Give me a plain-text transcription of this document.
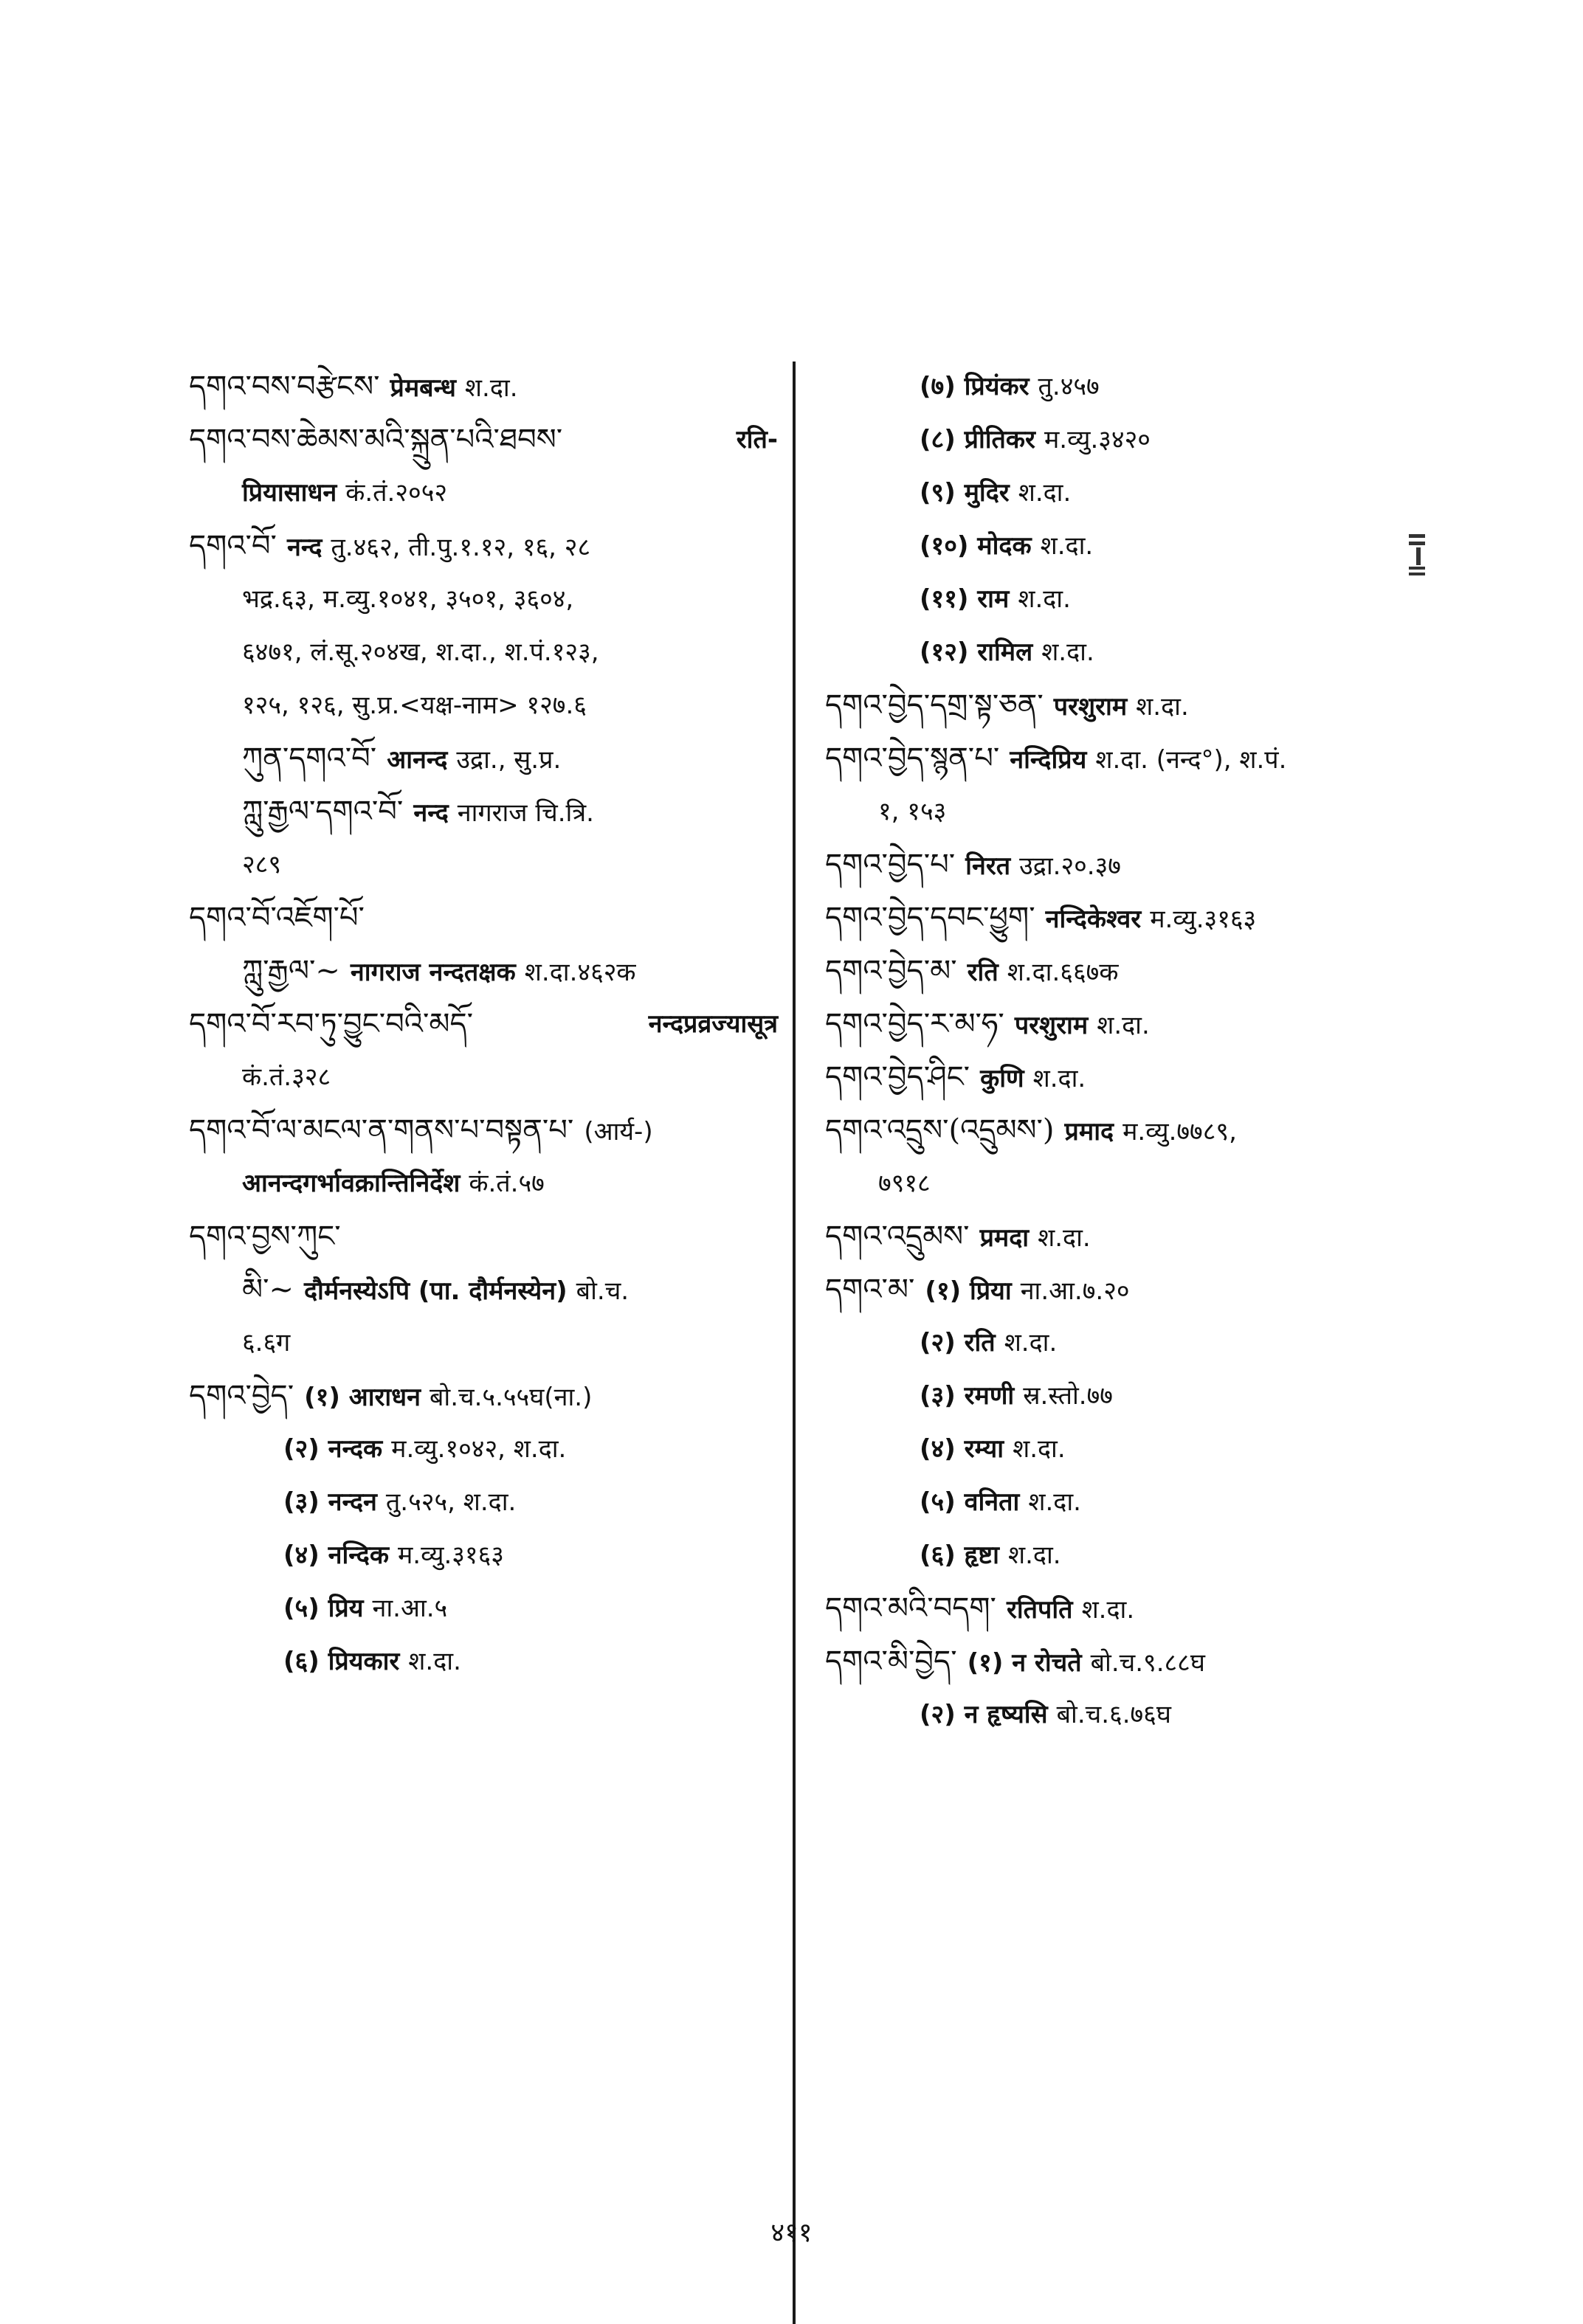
དགའ་བས་བརྩེངས་ प्रेमबन्ध श.दा.
དགའ་བས་ཆེམས་མའི་སྐྲུན་པའི་ཐབས་	रति-
प्रियासाधन कं.तं.२०५२
དགའ་བོ་ नन्द तु.४६२, ती.पु.१.१२, १६, २८
भद्र.६३, म.व्यु.१०४१, ३५०१, ३६०४,
६४७१, लं.सू.२०४ख, श.दा., श.पं.१२३,
१२५, १२६, सु.प्र.<यक्ष-नाम> १२७.६
ཀུན་དགའ་བོ་ आनन्द उद्रा., सु.प्र.
ཀླུ་རྒྱལ་དགའ་བོ་ नन्द नागराज चि.त्रि.
२८९
དགའ་བོ་འཇོག་པོ་
ཀླུ་རྒྱལ་~ नागराज नन्दतक्षक श.दा.४६२क
དགའ་བོ་རབ་ཏུ་བྱུང་བའི་མདོ་	नन्दप्रव्रज्यासूत्र
कं.तं.३२८
དགའ་བོ་ལ་མངལ་ན་གནས་པ་བསྟན་པ་ (आर्य-)
आनन्दगर्भावक्रान्तिनिर्देश कं.तं.५७
དགའ་བྱས་ཀུང་
མི་~ दौर्मनस्येऽपि (पा. दौर्मनस्येन) बो.च.
६.६ग
དགའ་བྱེད་ (१) आराधन बो.च.५.५५घ(ना.)
(२) नन्दक म.व्यु.१०४२, श.दा.
(३) नन्दन तु.५२५, श.दा.
(४) नन्दिक म.व्यु.३१६३
(५) प्रिय ना.आ.५
(६) प्रियकार श.दा.
(७) प्रियंकर तु.४५७
(८) प्रीतिकर म.व्यु.३४२०
(९) मुदिर श.दा.
(१०) मोदक श.दा.
(११) राम श.दा.
(१२) रामिल श.दा.
དགའ་བྱེད་དགྲ་སྟ་ཅན་ परशुराम श.दा.
དགའ་བྱེད་སྙན་པ་ नन्दिप्रिय श.दा. (नन्द°), श.पं.
१, १५३
དགའ་བྱེད་པ་ निरत उद्रा.२०.३७
དགའ་བྱེད་དབང་ཕྱུག་ नन्दिकेश्वर म.व्यु.३१६३
དགའ་བྱེད་མ་ रति श.दा.६६७क
དགའ་བྱེད་ར་མ་ཧ་ परशुराम श.दा.
དགའ་བྱེད་ཤིང་ कुणि श.दा.
དགའ་འདྲུས་(འདྲུམས་) प्रमाद म.व्यु.७७८९,
७९१८
དགའ་འདྲུམས་ प्रमदा श.दा.
དགའ་མ་ (१) प्रिया ना.आ.७.२०
(२) रति श.दा.
(३) रमणी स्र.स्तो.७७
(४) रम्या श.दा.
(५) वनिता श.दा.
(६) हृष्टा श.दा.
དགའ་མའི་བདག་ रतिपति श.दा.
དགའ་མི་བྱེད་ (१) न रोचते बो.च.९.८८घ
(२) न हृष्यसि बो.च.६.७६घ
४११
